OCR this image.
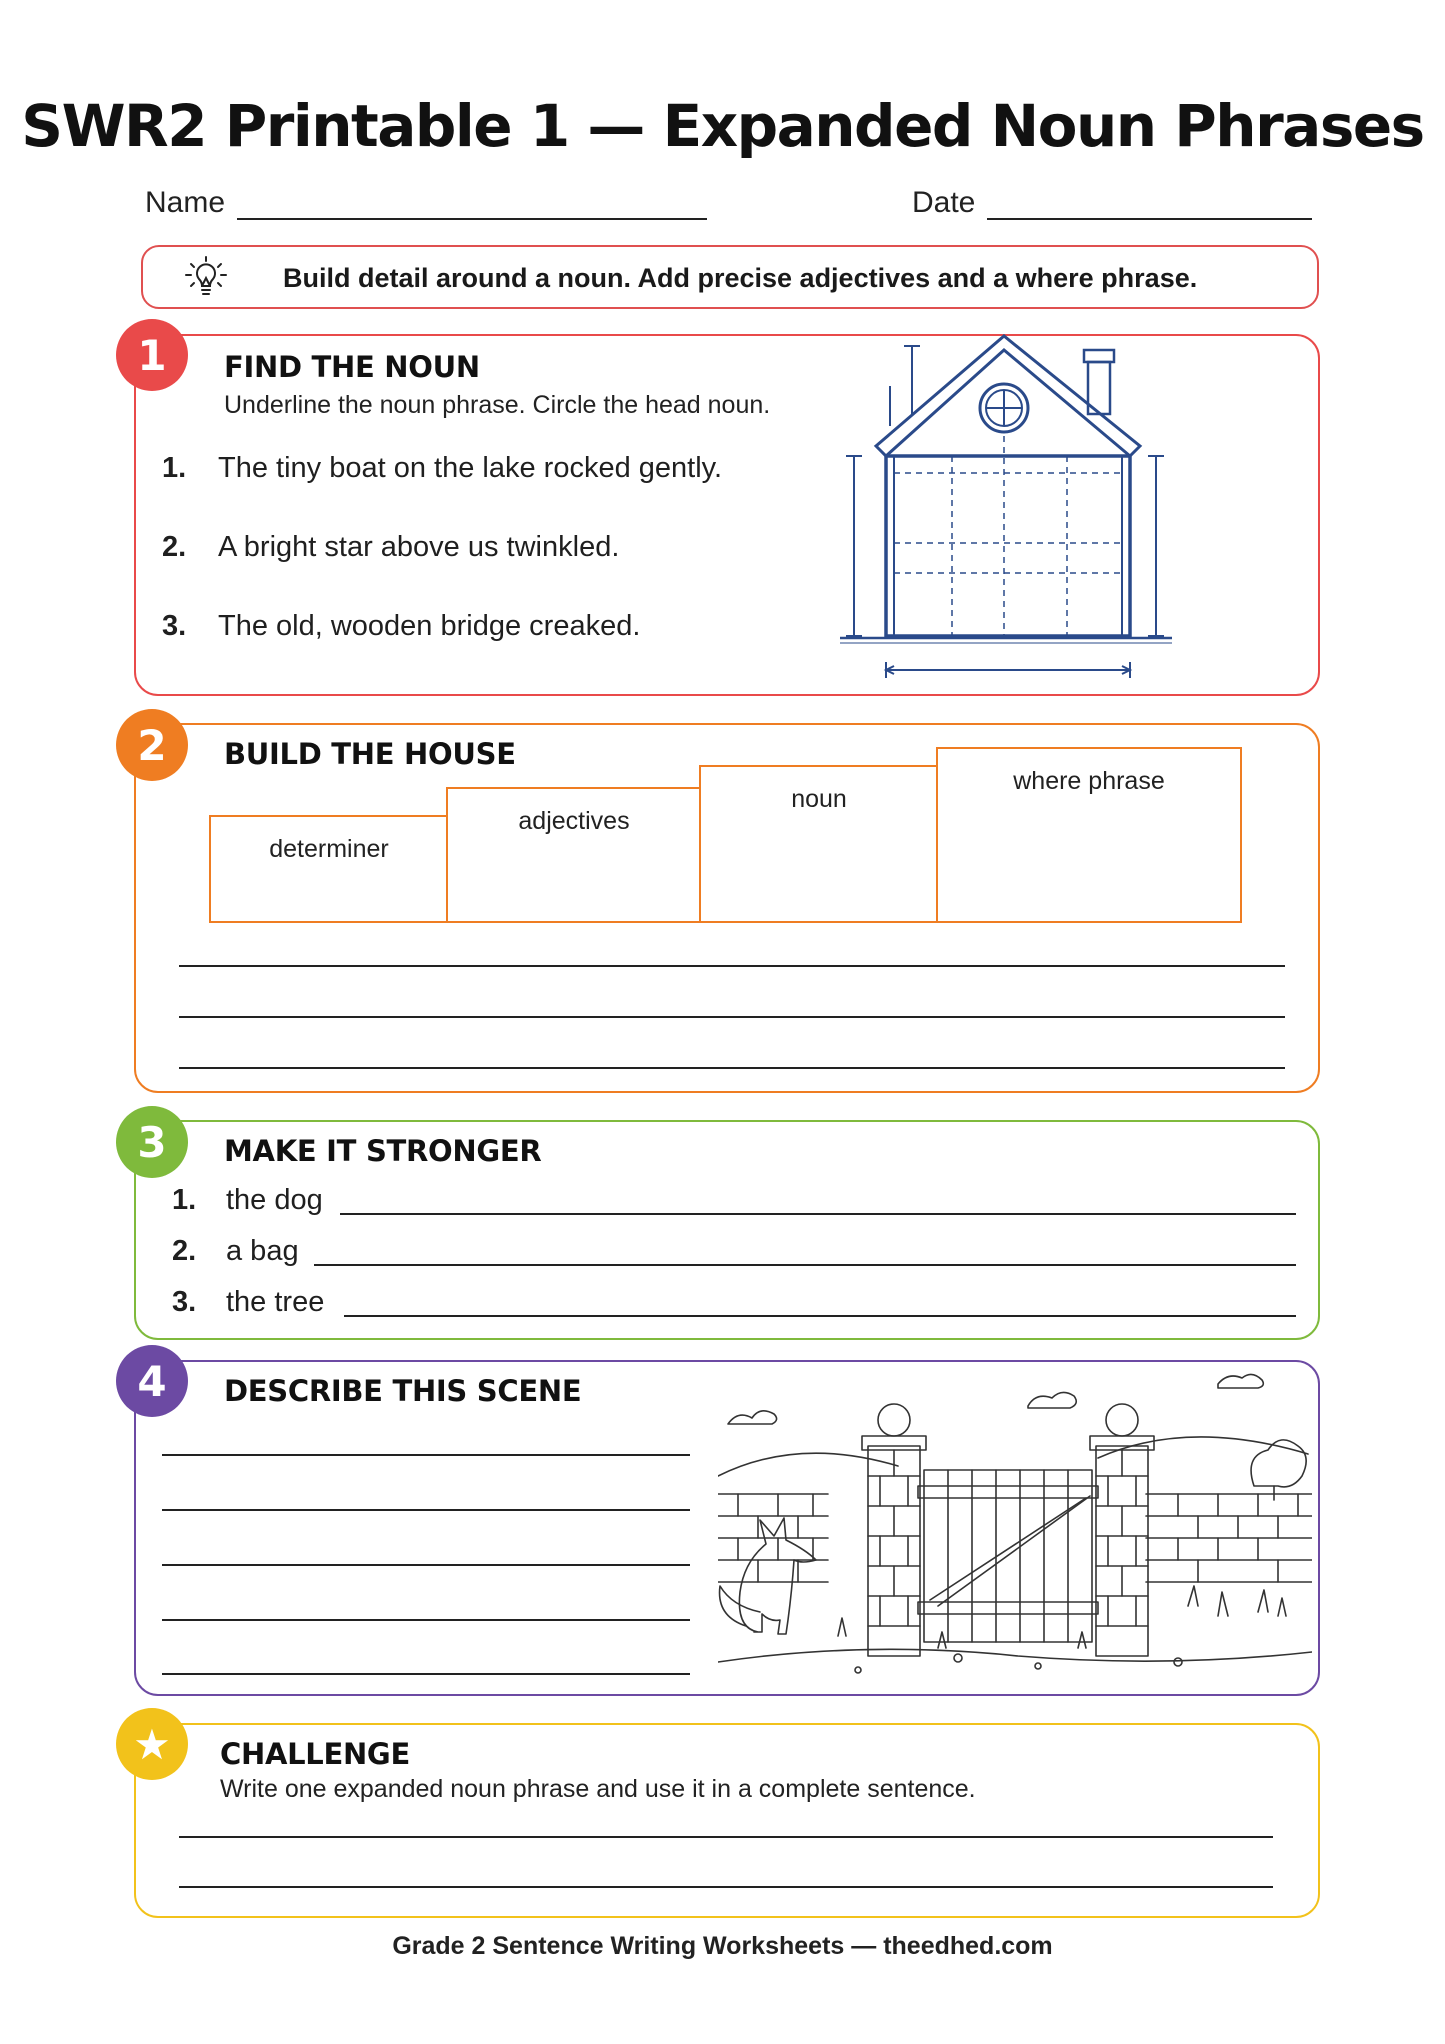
SWR2 Printable 1 — Expanded Noun Phrases
Name	Date
Build detail around a noun. Add precise adjectives and a where phrase.
FIND THE NOUN
Underline the noun phrase. Circle the head noun.
1. The tiny boat on the lake rocked gently.
2. A bright star above us twinkled.
3. The old, wooden bridge creaked.
BUILD THE HOUSE
determiner
adjectives
noun
where phrase
MAKE IT STRONGER
1. the dog
2. a bag
3. the tree
DESCRIBE THIS SCENE
CHALLENGE
Write one expanded noun phrase and use it in a complete sentence.
1
2
3
4
★
Grade 2 Sentence Writing Worksheets — theedhed.com
